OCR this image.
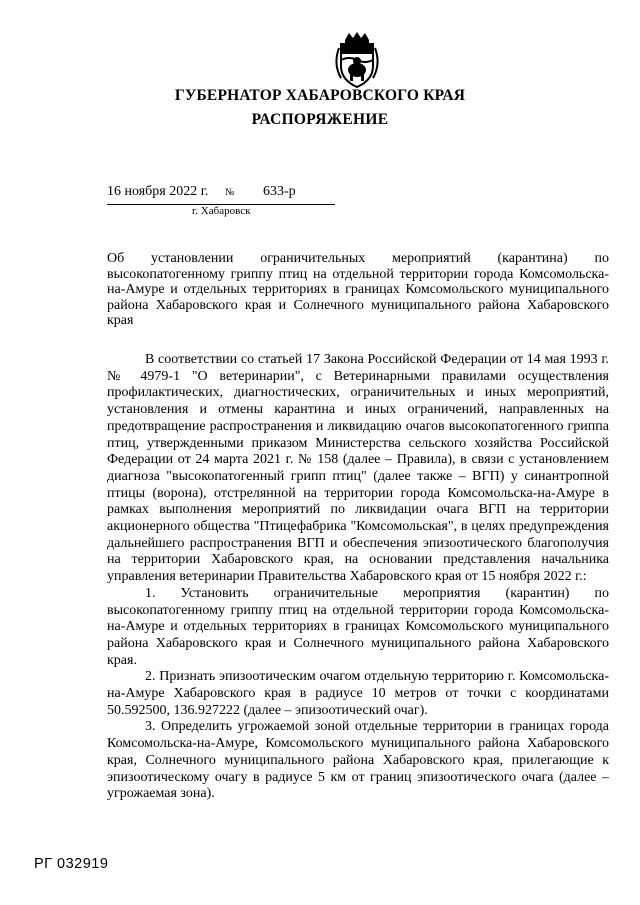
ГУБЕРНАТОР ХАБАРОВСКОГО КРАЯ
РАСПОРЯЖЕНИЕ
16 ноября 2022 г. № 633-р
г. Хабаровск
Об установлении ограничительных мероприятий (карантина) по высокопатогенному гриппу птиц на отдельной территории города Комсомольска-на-Амуре и отдельных территориях в границах Комсомольского муниципального района Хабаровского края и Солнечного муниципального района Хабаровского края

В соответствии со статьей 17 Закона Российской Федерации от 14 мая 1993 г. № 4979-1 "О ветеринарии", с Ветеринарными правилами осуществления профилактических, диагностических, ограничительных и иных мероприятий, установления и отмены карантина и иных ограничений, направленных на предотвращение распространения и ликвидацию очагов высокопатогенного гриппа птиц, утвержденными приказом Министерства сельского хозяйства Российской Федерации от 24 марта 2021 г. № 158 (далее – Правила), в связи с установлением диагноза "высокопатогенный грипп птиц" (далее также – ВГП) у синантропной птицы (ворона), отстрелянной на территории города Комсомольска-на-Амуре в рамках выполнения мероприятий по ликвидации очага ВГП на территории акционерного общества "Птицефабрика "Комсомольская", в целях предупреждения дальнейшего распространения ВГП и обеспечения эпизоотического благополучия на территории Хабаровского края, на основании представления начальника управления ветеринарии Правительства Хабаровского края от 15 ноября 2022 г.:

1. Установить ограничительные мероприятия (карантин) по высокопатогенному гриппу птиц на отдельной территории города Комсомольска-на-Амуре и отдельных территориях в границах Комсомольского муниципального района Хабаровского края и Солнечного муниципального района Хабаровского края.

2. Признать эпизоотическим очагом отдельную территорию г. Комсомольска-на-Амуре Хабаровского края в радиусе 10 метров от точки с координатами 50.592500, 136.927222 (далее – эпизоотический очаг).

3. Определить угрожаемой зоной отдельные территории в границах города Комсомольска-на-Амуре, Комсомольского муниципального района Хабаровского края, Солнечного муниципального района Хабаровского края, прилегающие к эпизоотическому очагу в радиусе 5 км от границ эпизоотического очага (далее – угрожаемая зона).

РГ 032919
